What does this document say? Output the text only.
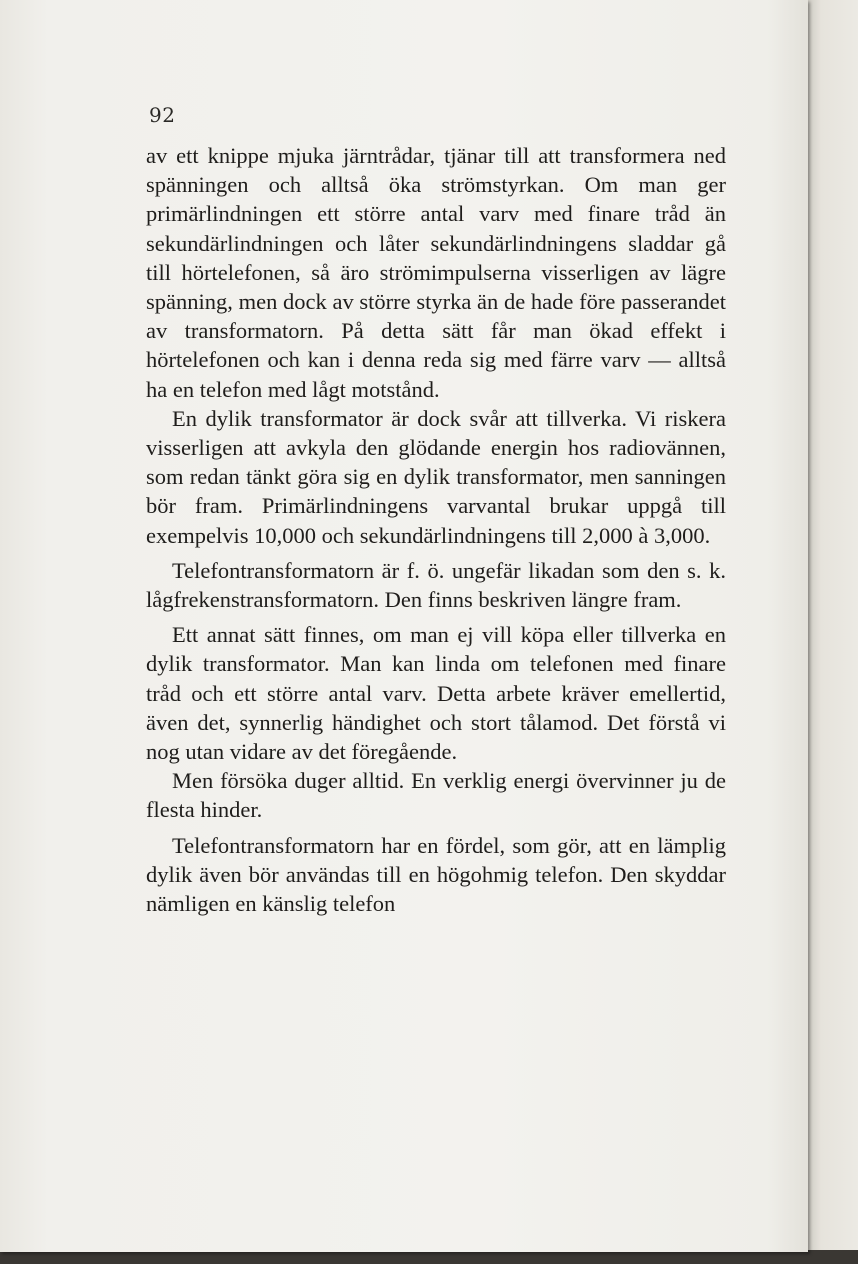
92

av ett knippe mjuka järntrådar, tjänar till att transformera ned spänningen och alltså öka strömstyrkan. Om man ger primärlindningen ett större antal varv med finare tråd än sekundärlindningen och låter sekundärlindningens sladdar gå till hörtelefonen, så äro strömimpulserna visserligen av lägre spänning, men dock av större styrka än de hade före passerandet av transformatorn. På detta sätt får man ökad effekt i hörtelefonen och kan i denna reda sig med färre varv — alltså ha en telefon med lågt motstånd.

En dylik transformator är dock svår att tillverka. Vi riskera visserligen att avkyla den glödande energin hos radiovännen, som redan tänkt göra sig en dylik transformator, men sanningen bör fram. Primärlindningens varvantal brukar uppgå till exempelvis 10,000 och sekundärlindningens till 2,000 à 3,000.

Telefontransformatorn är f. ö. ungefär likadan som den s. k. lågfrekenstransformatorn. Den finns beskriven längre fram.

Ett annat sätt finnes, om man ej vill köpa eller tillverka en dylik transformator. Man kan linda om telefonen med finare tråd och ett större antal varv. Detta arbete kräver emellertid, även det, synnerlig händighet och stort tålamod. Det förstå vi nog utan vidare av det föregående.

Men försöka duger alltid. En verklig energi övervinner ju de flesta hinder.

Telefontransformatorn har en fördel, som gör, att en lämplig dylik även bör användas till en högohmig telefon. Den skyddar nämligen en känslig telefon
